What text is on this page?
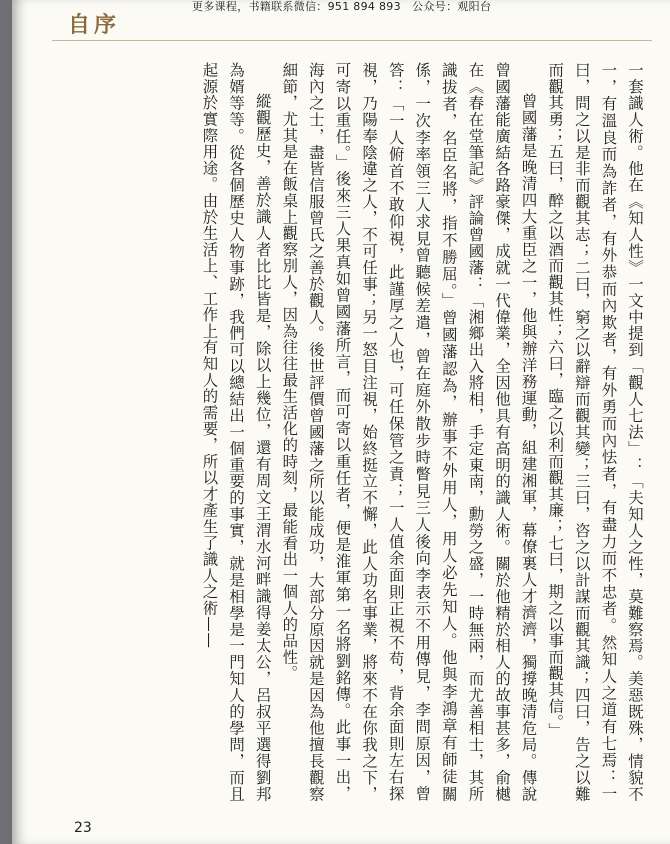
自序
更多课程，书籍联系微信：951 894 893　公众号：观阳台

一套識人術。他在《知人性》一文中提到「觀人七法」：「夫知人之性，莫難察焉。美惡既殊，情貌不一，有溫良而為詐者，有外恭而內欺者，有外勇而內怯者，有盡力而不忠者。然知人之道有七焉：一曰，問之以是非而觀其志；二曰，窮之以辭辯而觀其變；三曰，咨之以計謀而觀其識；四曰，告之以難而觀其勇；五曰，醉之以酒而觀其性；六曰，臨之以利而觀其廉；七曰，期之以事而觀其信。」

曾國藩是晚清四大重臣之一，他與辦洋務運動，組建湘軍，幕僚裏人才濟濟，獨撐晚清危局。傳說曾國藩能廣結各路豪傑，成就一代偉業，全因他具有高明的識人術。關於他精於相人的故事甚多，俞樾在《春在堂筆記》評論曾國藩：「湘鄉出入將相，手定東南，勳勞之盛，一時無兩，而尤善相士，其所識拔者，名臣名將，指不勝屈。」曾國藩認為，辦事不外用人，用人必先知人。他與李鴻章有師徒關係，一次李率領三人求見曾聽候差遣，曾在庭外散步時瞥見三人後向李表示不用傳見，李問原因，曾答：「一人俯首不敢仰視，此謹厚之人也，可任保管之責；一人值余面則正視不苟，背余面則左右探視，乃陽奉陰違之人，不可任事；另一怒目注視，始終挺立不懈，此人功名事業，將來不在你我之下，可寄以重任。」後來三人果真如曾國藩所言，而可寄以重任者，便是淮軍第一名將劉銘傳。此事一出，海內之士，盡皆信服曾氏之善於觀人。後世評價曾國藩之所以能成功，大部分原因就是因為他擅長觀察細節，尤其是在飯桌上觀察別人，因為往往最生活化的時刻，最能看出一個人的品性。

縱觀歷史，善於識人者比比皆是，除以上幾位，還有周文王渭水河畔識得姜太公，呂叔平選得劉邦為婿等等。從各個歷史人物事跡，我們可以總結出一個重要的事實，就是相學是一門知人的學問，而且起源於實際用途。由於生活上、工作上有知人的需要，所以才產生了識人之術——

23
